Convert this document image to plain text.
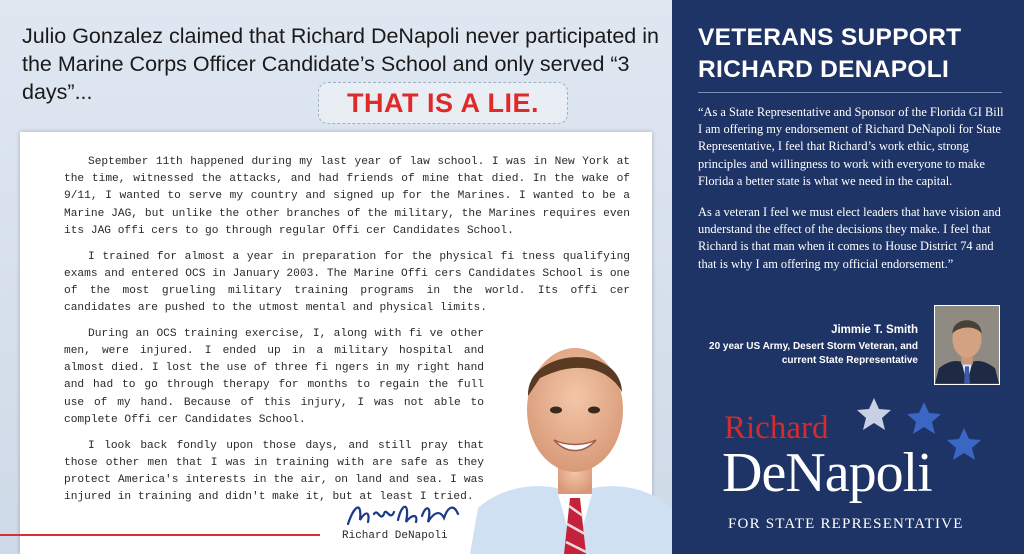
Julio Gonzalez claimed that Richard DeNapoli never participated in the Marine Corps Officer Candidate’s School and only served “3 days”...	THAT IS A LIE.

September 11th happened during my last year of law school. I was in New York at the time, witnessed the attacks, and had friends of mine that died. In the wake of 9/11, I wanted to serve my country and signed up for the Marines. I wanted to be a Marine JAG, but unlike the other branches of the military, the Marines requires even its JAG offi cers to go through regular Offi cer Candidates School.

I trained for almost a year in preparation for the physical fi tness qualifying exams and entered OCS in January 2003. The Marine Offi cers Candidates School is one of the most grueling military training programs in the world. Its offi cer candidates are pushed to the utmost mental and physical limits.

During an OCS training exercise, I, along with fi ve other men, were injured. I ended up in a military hospital and almost died. I lost the use of three fi ngers in my right hand and had to go through therapy for months to regain the full use of my hand. Because of this injury, I was not able to complete Offi cer Candidates School.

I look back fondly upon those days, and still pray that those other men that I was in training with are safe as they protect America's interests in the air, on land and sea. I was injured in training and didn't make it, but at least I tried.

Richard DeNapoli
VETERANS SUPPORT RICHARD DENAPOLI

“As a State Representative and Sponsor of the Florida GI Bill I am offering my endorsement of Richard DeNapoli for State Representative, I feel that Richard’s work ethic, strong principles and willingness to work with everyone to make Florida a better state is what we need in the capital.

As a veteran I feel we must elect leaders that have vision and understand the effect of the decisions they make. I feel that Richard is that man when it comes to House District 74 and that is why I am offering my official endorsement.”

Jimmie T. Smith
20 year US Army, Desert Storm Veteran, and current State Representative
Richard
DeNapoli
FOR STATE REPRESENTATIVE
